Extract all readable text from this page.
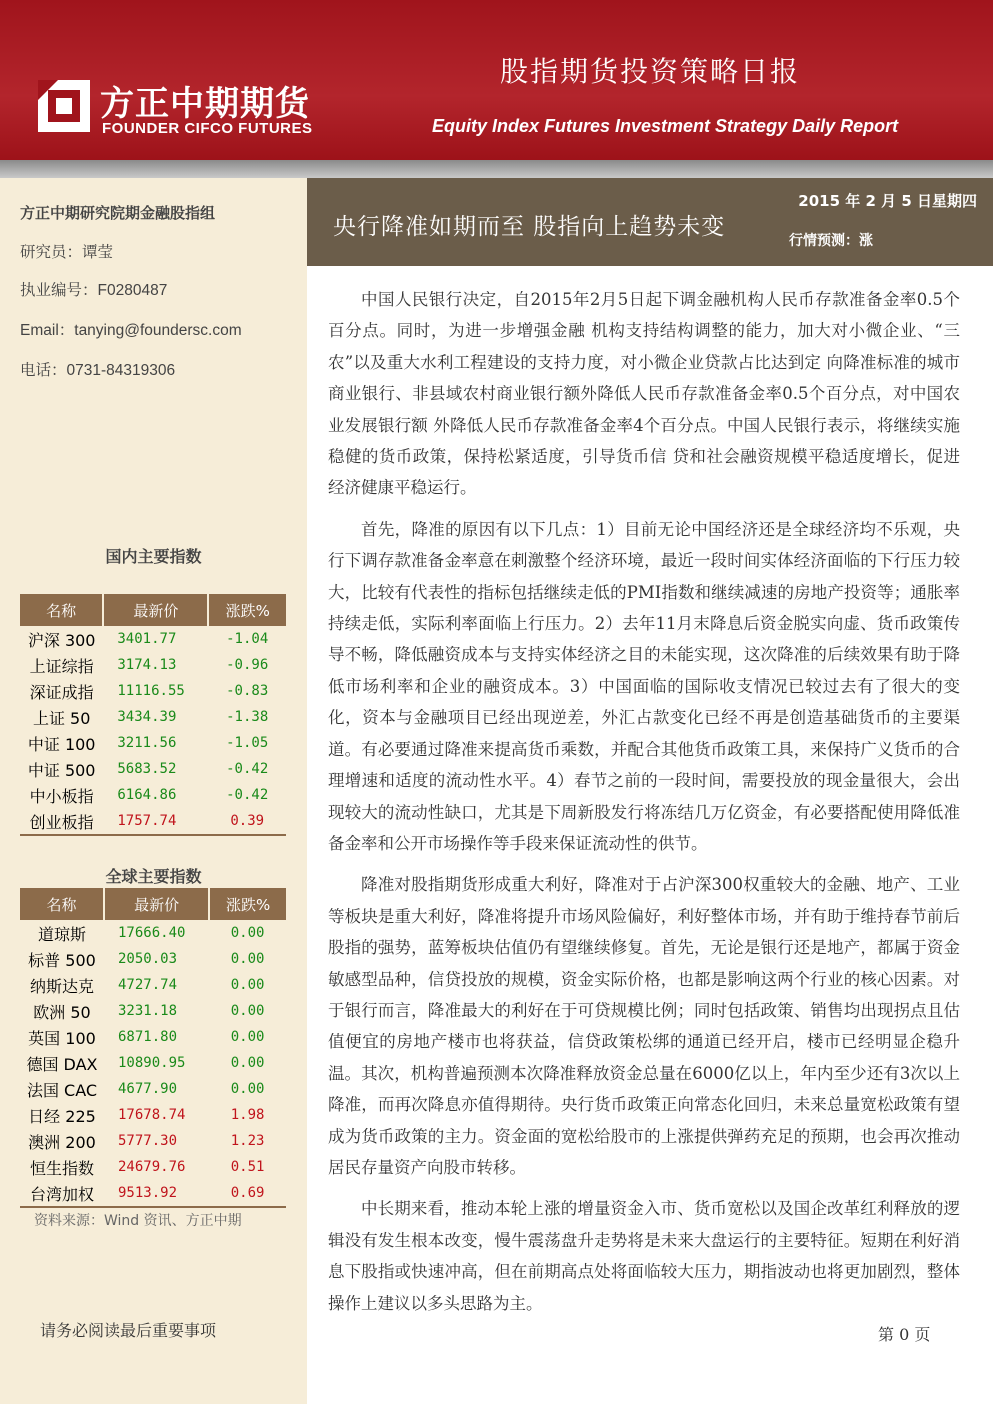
方正中期期货
FOUNDER CIFCO FUTURES
股指期货投资策略日报
Equity Index Futures Investment Strategy Daily Report
方正中期研究院期金融股指组
研究员：谭莹
执业编号：F0280487
Email：tanying@foundersc.com
电话：0731-84319306
国内主要指数
名称	最新价	涨跌%
沪深 300	3401.77	-1.04
上证综指	3174.13	-0.96
深证成指	11116.55	-0.83
上证 50	3434.39	-1.38
中证 100	3211.56	-1.05
中证 500	5683.52	-0.42
中小板指	6164.86	-0.42
创业板指	1757.74	0.39
全球主要指数
名称	最新价	涨跌%
道琼斯	17666.40	0.00
标普 500	2050.03	0.00
纳斯达克	4727.74	0.00
欧洲 50	3231.18	0.00
英国 100	6871.80	0.00
德国 DAX	10890.95	0.00
法国 CAC	4677.90	0.00
日经 225	17678.74	1.98
澳洲 200	5777.30	1.23
恒生指数	24679.76	0.51
台湾加权	9513.92	0.69
资料来源：Wind 资讯、方正中期
请务必阅读最后重要事项
央行降准如期而至 股指向上趋势未变
2015 年 2 月 5 日星期四
行情预测：涨

中国人民银行决定，自2015年2月5日起下调金融机构人民币存款准备金率0.5个百分点。同时，为进一步增强金融 机构支持结构调整的能力，加大对小微企业、“三农”以及重大水利工程建设的支持力度，对小微企业贷款占比达到定 向降准标准的城市商业银行、非县域农村商业银行额外降低人民币存款准备金率0.5个百分点，对中国农业发展银行额 外降低人民币存款准备金率4个百分点。中国人民银行表示，将继续实施稳健的货币政策，保持松紧适度，引导货币信 贷和社会融资规模平稳适度增长，促进经济健康平稳运行。

首先，降准的原因有以下几点：1）目前无论中国经济还是全球经济均不乐观，央行下调存款准备金率意在刺激整个经济环境，最近一段时间实体经济面临的下行压力较大，比较有代表性的指标包括继续走低的PMI指数和继续减速的房地产投资等；通胀率持续走低，实际利率面临上行压力。2）去年11月末降息后资金脱实向虚、货币政策传导不畅，降低融资成本与支持实体经济之目的未能实现，这次降准的后续效果有助于降低市场利率和企业的融资成本。3）中国面临的国际收支情况已较过去有了很大的变化，资本与金融项目已经出现逆差，外汇占款变化已经不再是创造基础货币的主要渠道。有必要通过降准来提高货币乘数，并配合其他货币政策工具，来保持广义货币的合理增速和适度的流动性水平。4）春节之前的一段时间，需要投放的现金量很大，会出现较大的流动性缺口，尤其是下周新股发行将冻结几万亿资金，有必要搭配使用降低准备金率和公开市场操作等手段来保证流动性的供节。

降准对股指期货形成重大利好，降准对于占沪深300权重较大的金融、地产、工业等板块是重大利好，降准将提升市场风险偏好，利好整体市场，并有助于维持春节前后股指的强势，蓝筹板块估值仍有望继续修复。首先，无论是银行还是地产，都属于资金敏感型品种，信贷投放的规模，资金实际价格，也都是影响这两个行业的核心因素。对于银行而言，降准最大的利好在于可贷规模比例；同时包括政策、销售均出现拐点且估值便宜的房地产楼市也将获益，信贷政策松绑的通道已经开启，楼市已经明显企稳升温。其次，机构普遍预测本次降准释放资金总量在6000亿以上，年内至少还有3次以上降准，而再次降息亦值得期待。央行货币政策正向常态化回归，未来总量宽松政策有望成为货币政策的主力。资金面的宽松给股市的上涨提供弹药充足的预期，也会再次推动居民存量资产向股市转移。

中长期来看，推动本轮上涨的增量资金入市、货币宽松以及国企改革红利释放的逻辑没有发生根本改变，慢牛震荡盘升走势将是未来大盘运行的主要特征。短期在利好消息下股指或快速冲高，但在前期高点处将面临较大压力，期指波动也将更加剧烈，整体操作上建议以多头思路为主。

第 0 页
